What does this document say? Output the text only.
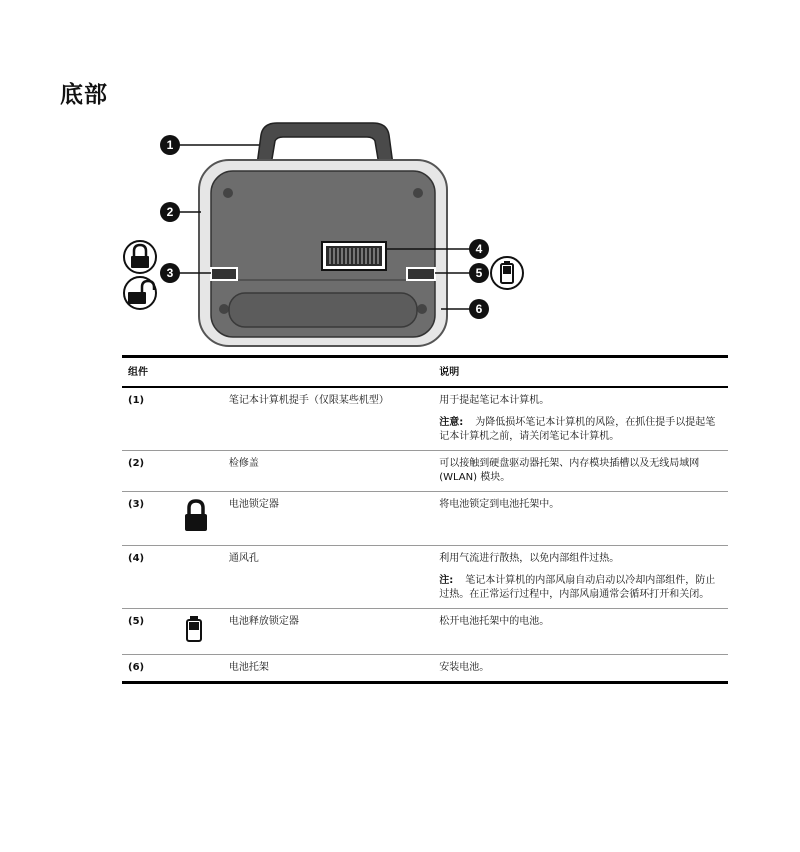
底部
1
2
3
4
5
6
组件			说明
(1)		笔记本计算机提手（仅限某些机型）	用于提起笔记本计算机。
注意: 为降低损坏笔记本计算机的风险，在抓住提手以提起笔记本计算机之前，请关闭笔记本计算机。

(2)		检修盖	可以接触到硬盘驱动器托架、内存模块插槽以及无线局域网 (WLAN) 模块。
(3)		电池锁定器	将电池锁定到电池托架中。
(4)		通风孔	利用气流进行散热，以免内部组件过热。
注: 笔记本计算机的内部风扇自动启动以冷却内部组件，防止过热。在正常运行过程中，内部风扇通常会循环打开和关闭。

(5)		电池释放锁定器	松开电池托架中的电池。
(6)		电池托架	安装电池。
